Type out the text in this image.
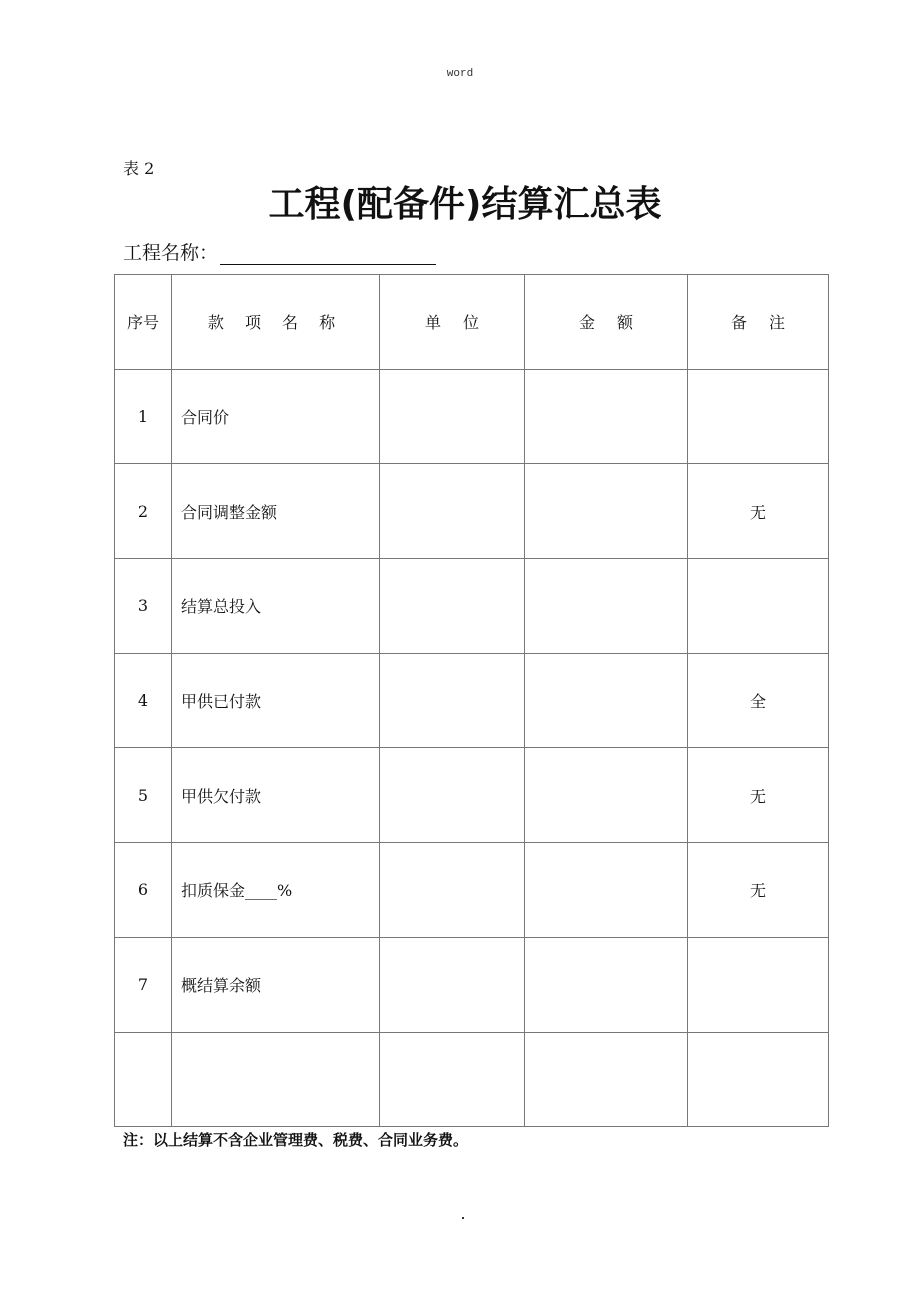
word
表 2
工程(配备件)结算汇总表
工程名称：
序号	款 项 名 称	单位	金额	备注
1	合同价			
2	合同调整金额			无
3	结算总投入			
4	甲供已付款			全
5	甲供欠付款			无
6	扣质保金____%			无
7	概结算余额			

注：以上结算不含企业管理费、税费、合同业务费。
